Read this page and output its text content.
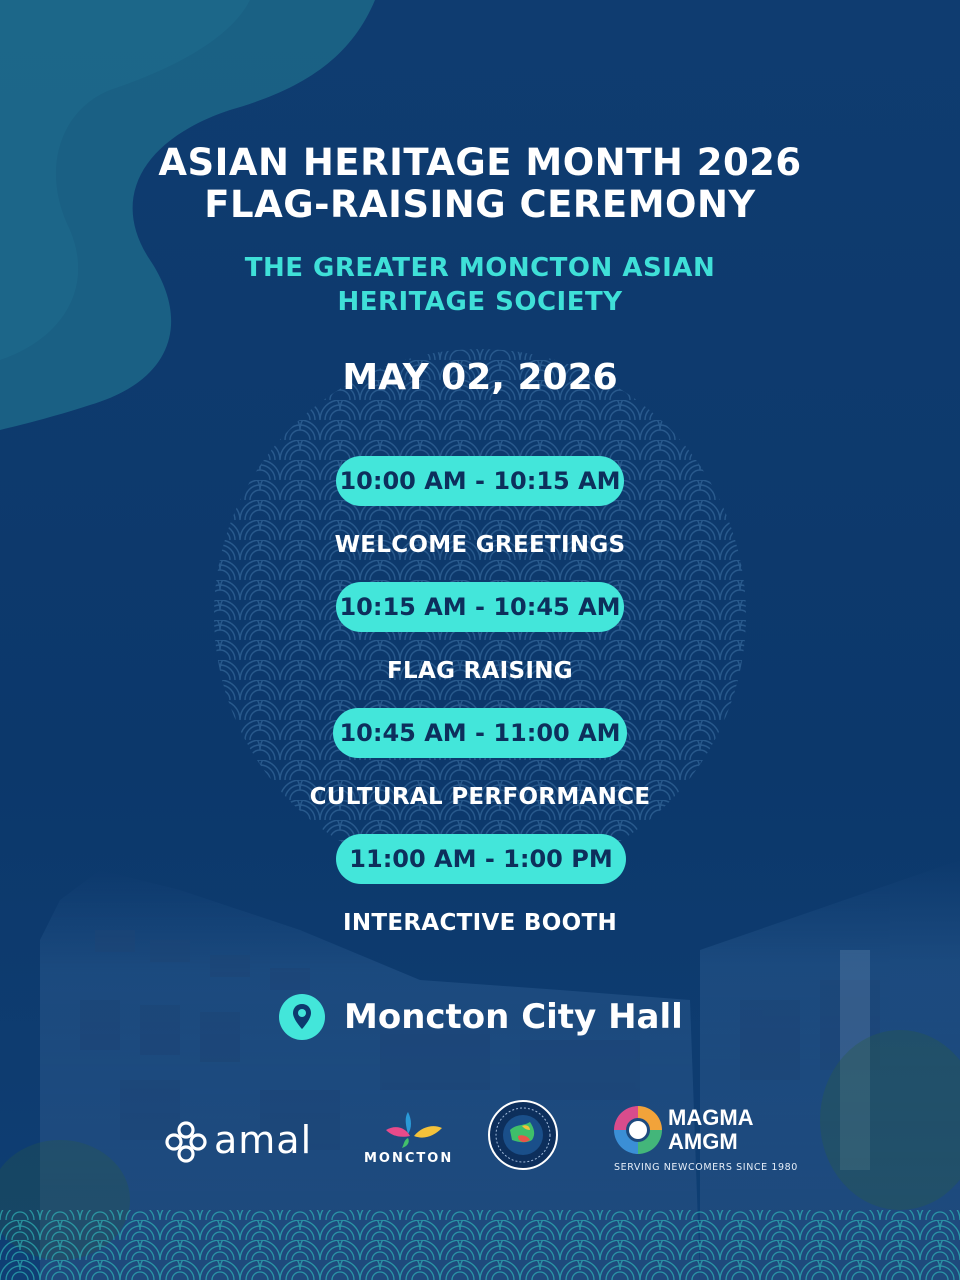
ASIAN HERITAGE MONTH 2026
FLAG-RAISING CEREMONY
THE GREATER MONCTON ASIAN
HERITAGE SOCIETY
MAY 02, 2026
10:00 AM - 10:15 AM
WELCOME GREETINGS
10:15 AM - 10:45 AM
FLAG RAISING
10:45 AM - 11:00 AM
CULTURAL PERFORMANCE
11:00 AM - 1:00 PM
INTERACTIVE BOOTH
Moncton City Hall
amal	MONCTON
MAGMA
AMGM
SERVING NEWCOMERS SINCE 1980
